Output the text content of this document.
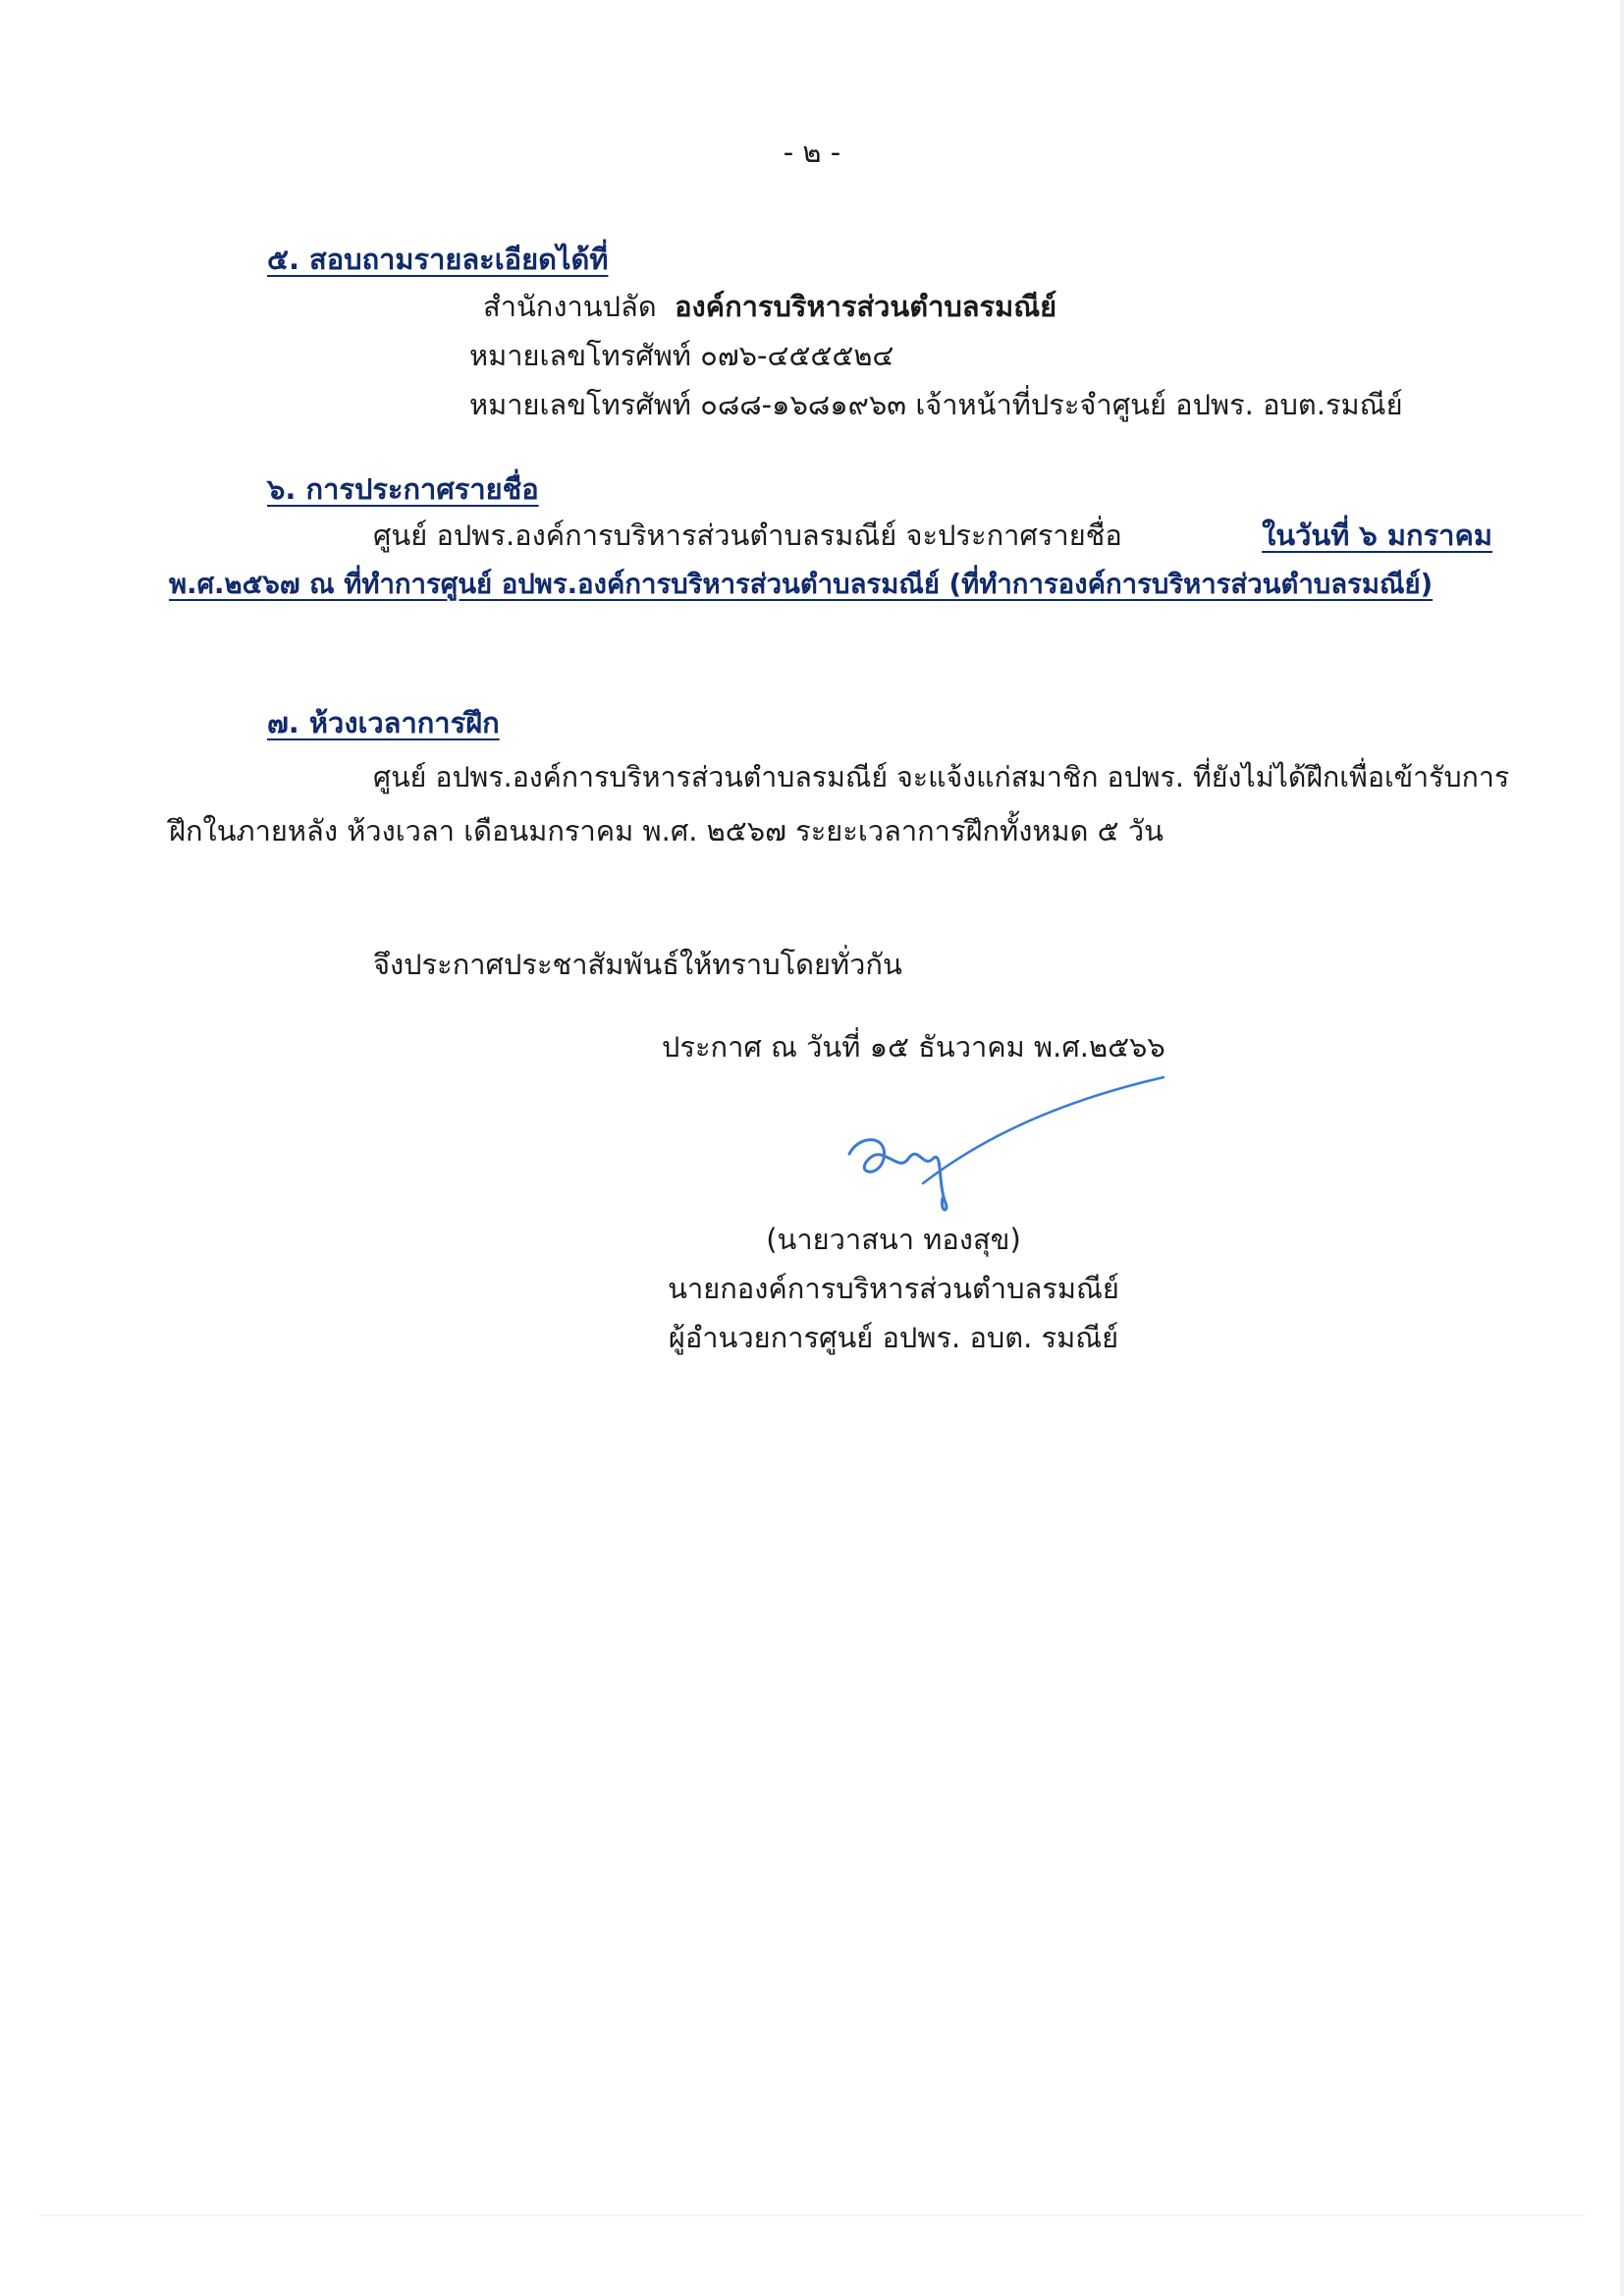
- ๒ -
๕. สอบถามรายละเอียดได้ที่
สำนักงานปลัด องค์การบริหารส่วนตำบลรมณีย์
หมายเลขโทรศัพท์ ๐๗๖-๔๕๕๕๒๔
หมายเลขโทรศัพท์ ๐๘๘-๑๖๘๑๙๖๓ เจ้าหน้าที่ประจำศูนย์ อปพร. อบต.รมณีย์
๖. การประกาศรายชื่อ
ศูนย์ อปพร.องค์การบริหารส่วนตำบลรมณีย์ จะประกาศรายชื่อ	ในวันที่ ๖ มกราคม
พ.ศ.๒๕๖๗ ณ ที่ทำการศูนย์ อปพร.องค์การบริหารส่วนตำบลรมณีย์ (ที่ทำการองค์การบริหารส่วนตำบลรมณีย์)
๗. ห้วงเวลาการฝึก
ศูนย์ อปพร.องค์การบริหารส่วนตำบลรมณีย์ จะแจ้งแก่สมาชิก อปพร. ที่ยังไม่ได้ฝึกเพื่อเข้ารับการ
ฝึกในภายหลัง ห้วงเวลา เดือนมกราคม พ.ศ. ๒๕๖๗ ระยะเวลาการฝึกทั้งหมด ๕ วัน
จึงประกาศประชาสัมพันธ์ให้ทราบโดยทั่วกัน
ประกาศ ณ วันที่ ๑๕ ธันวาคม พ.ศ.๒๕๖๖
(นายวาสนา ทองสุข)
นายกองค์การบริหารส่วนตำบลรมณีย์
ผู้อำนวยการศูนย์ อปพร. อบต. รมณีย์
